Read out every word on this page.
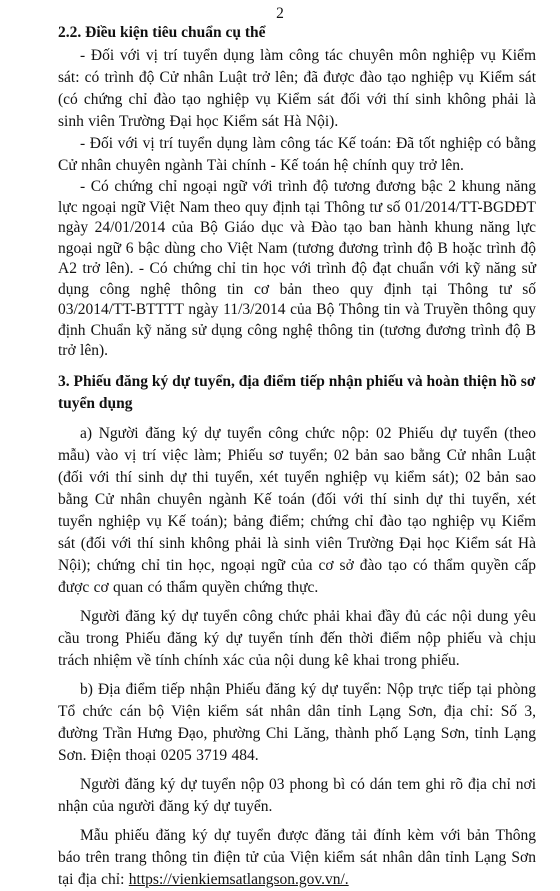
2
2.2. Điều kiện tiêu chuẩn cụ thể

- Đối với vị trí tuyển dụng làm công tác chuyên môn nghiệp vụ Kiểm sát: có trình độ Cử nhân Luật trở lên; đã được đào tạo nghiệp vụ Kiểm sát (có chứng chỉ đào tạo nghiệp vụ Kiểm sát đối với thí sinh không phải là sinh viên Trường Đại học Kiểm sát Hà Nội).

- Đối với vị trí tuyển dụng làm công tác Kế toán: Đã tốt nghiệp có bằng Cử nhân chuyên ngành Tài chính - Kế toán hệ chính quy trở lên.

- Có chứng chỉ ngoại ngữ với trình độ tương đương bậc 2 khung năng lực ngoại ngữ Việt Nam theo quy định tại Thông tư số 01/2014/TT-BGDĐT ngày 24/01/2014 của Bộ Giáo dục và Đào tạo ban hành khung năng lực ngoại ngữ 6 bậc dùng cho Việt Nam (tương đương trình độ B hoặc trình độ A2 trở lên). - Có chứng chỉ tin học với trình độ đạt chuẩn với kỹ năng sử dụng công nghệ thông tin cơ bản theo quy định tại Thông tư số 03/2014/TT-BTTTT ngày 11/3/2014 của Bộ Thông tin và Truyền thông quy định Chuẩn kỹ năng sử dụng công nghệ thông tin (tương đương trình độ B trở lên).

3. Phiếu đăng ký dự tuyển, địa điểm tiếp nhận phiếu và hoàn thiện hồ sơ tuyển dụng

a) Người đăng ký dự tuyển công chức nộp: 02 Phiếu dự tuyển (theo mẫu) vào vị trí việc làm; Phiếu sơ tuyển; 02 bản sao bằng Cử nhân Luật (đối với thí sinh dự thi tuyển, xét tuyển nghiệp vụ kiểm sát); 02 bản sao bằng Cử nhân chuyên ngành Kế toán (đối với thí sinh dự thi tuyển, xét tuyển nghiệp vụ Kế toán); bảng điểm; chứng chỉ đào tạo nghiệp vụ Kiểm sát (đối với thí sinh không phải là sinh viên Trường Đại học Kiểm sát Hà Nội); chứng chỉ tin học, ngoại ngữ của cơ sở đào tạo có thẩm quyền cấp được cơ quan có thẩm quyền chứng thực.

Người đăng ký dự tuyển công chức phải khai đầy đủ các nội dung yêu cầu trong Phiếu đăng ký dự tuyển tính đến thời điểm nộp phiếu và chịu trách nhiệm về tính chính xác của nội dung kê khai trong phiếu.

b) Địa điểm tiếp nhận Phiếu đăng ký dự tuyển: Nộp trực tiếp tại phòng Tổ chức cán bộ Viện kiểm sát nhân dân tỉnh Lạng Sơn, địa chỉ: Số 3, đường Trần Hưng Đạo, phường Chi Lăng, thành phố Lạng Sơn, tỉnh Lạng Sơn. Điện thoại 0205 3719 484.

Người đăng ký dự tuyển nộp 03 phong bì có dán tem ghi rõ địa chỉ nơi nhận của người đăng ký dự tuyển.

Mẫu phiếu đăng ký dự tuyển được đăng tải đính kèm với bản Thông báo trên trang thông tin điện tử của Viện kiểm sát nhân dân tỉnh Lạng Sơn tại địa chỉ: https://vienkiemsatlangson.gov.vn/.
